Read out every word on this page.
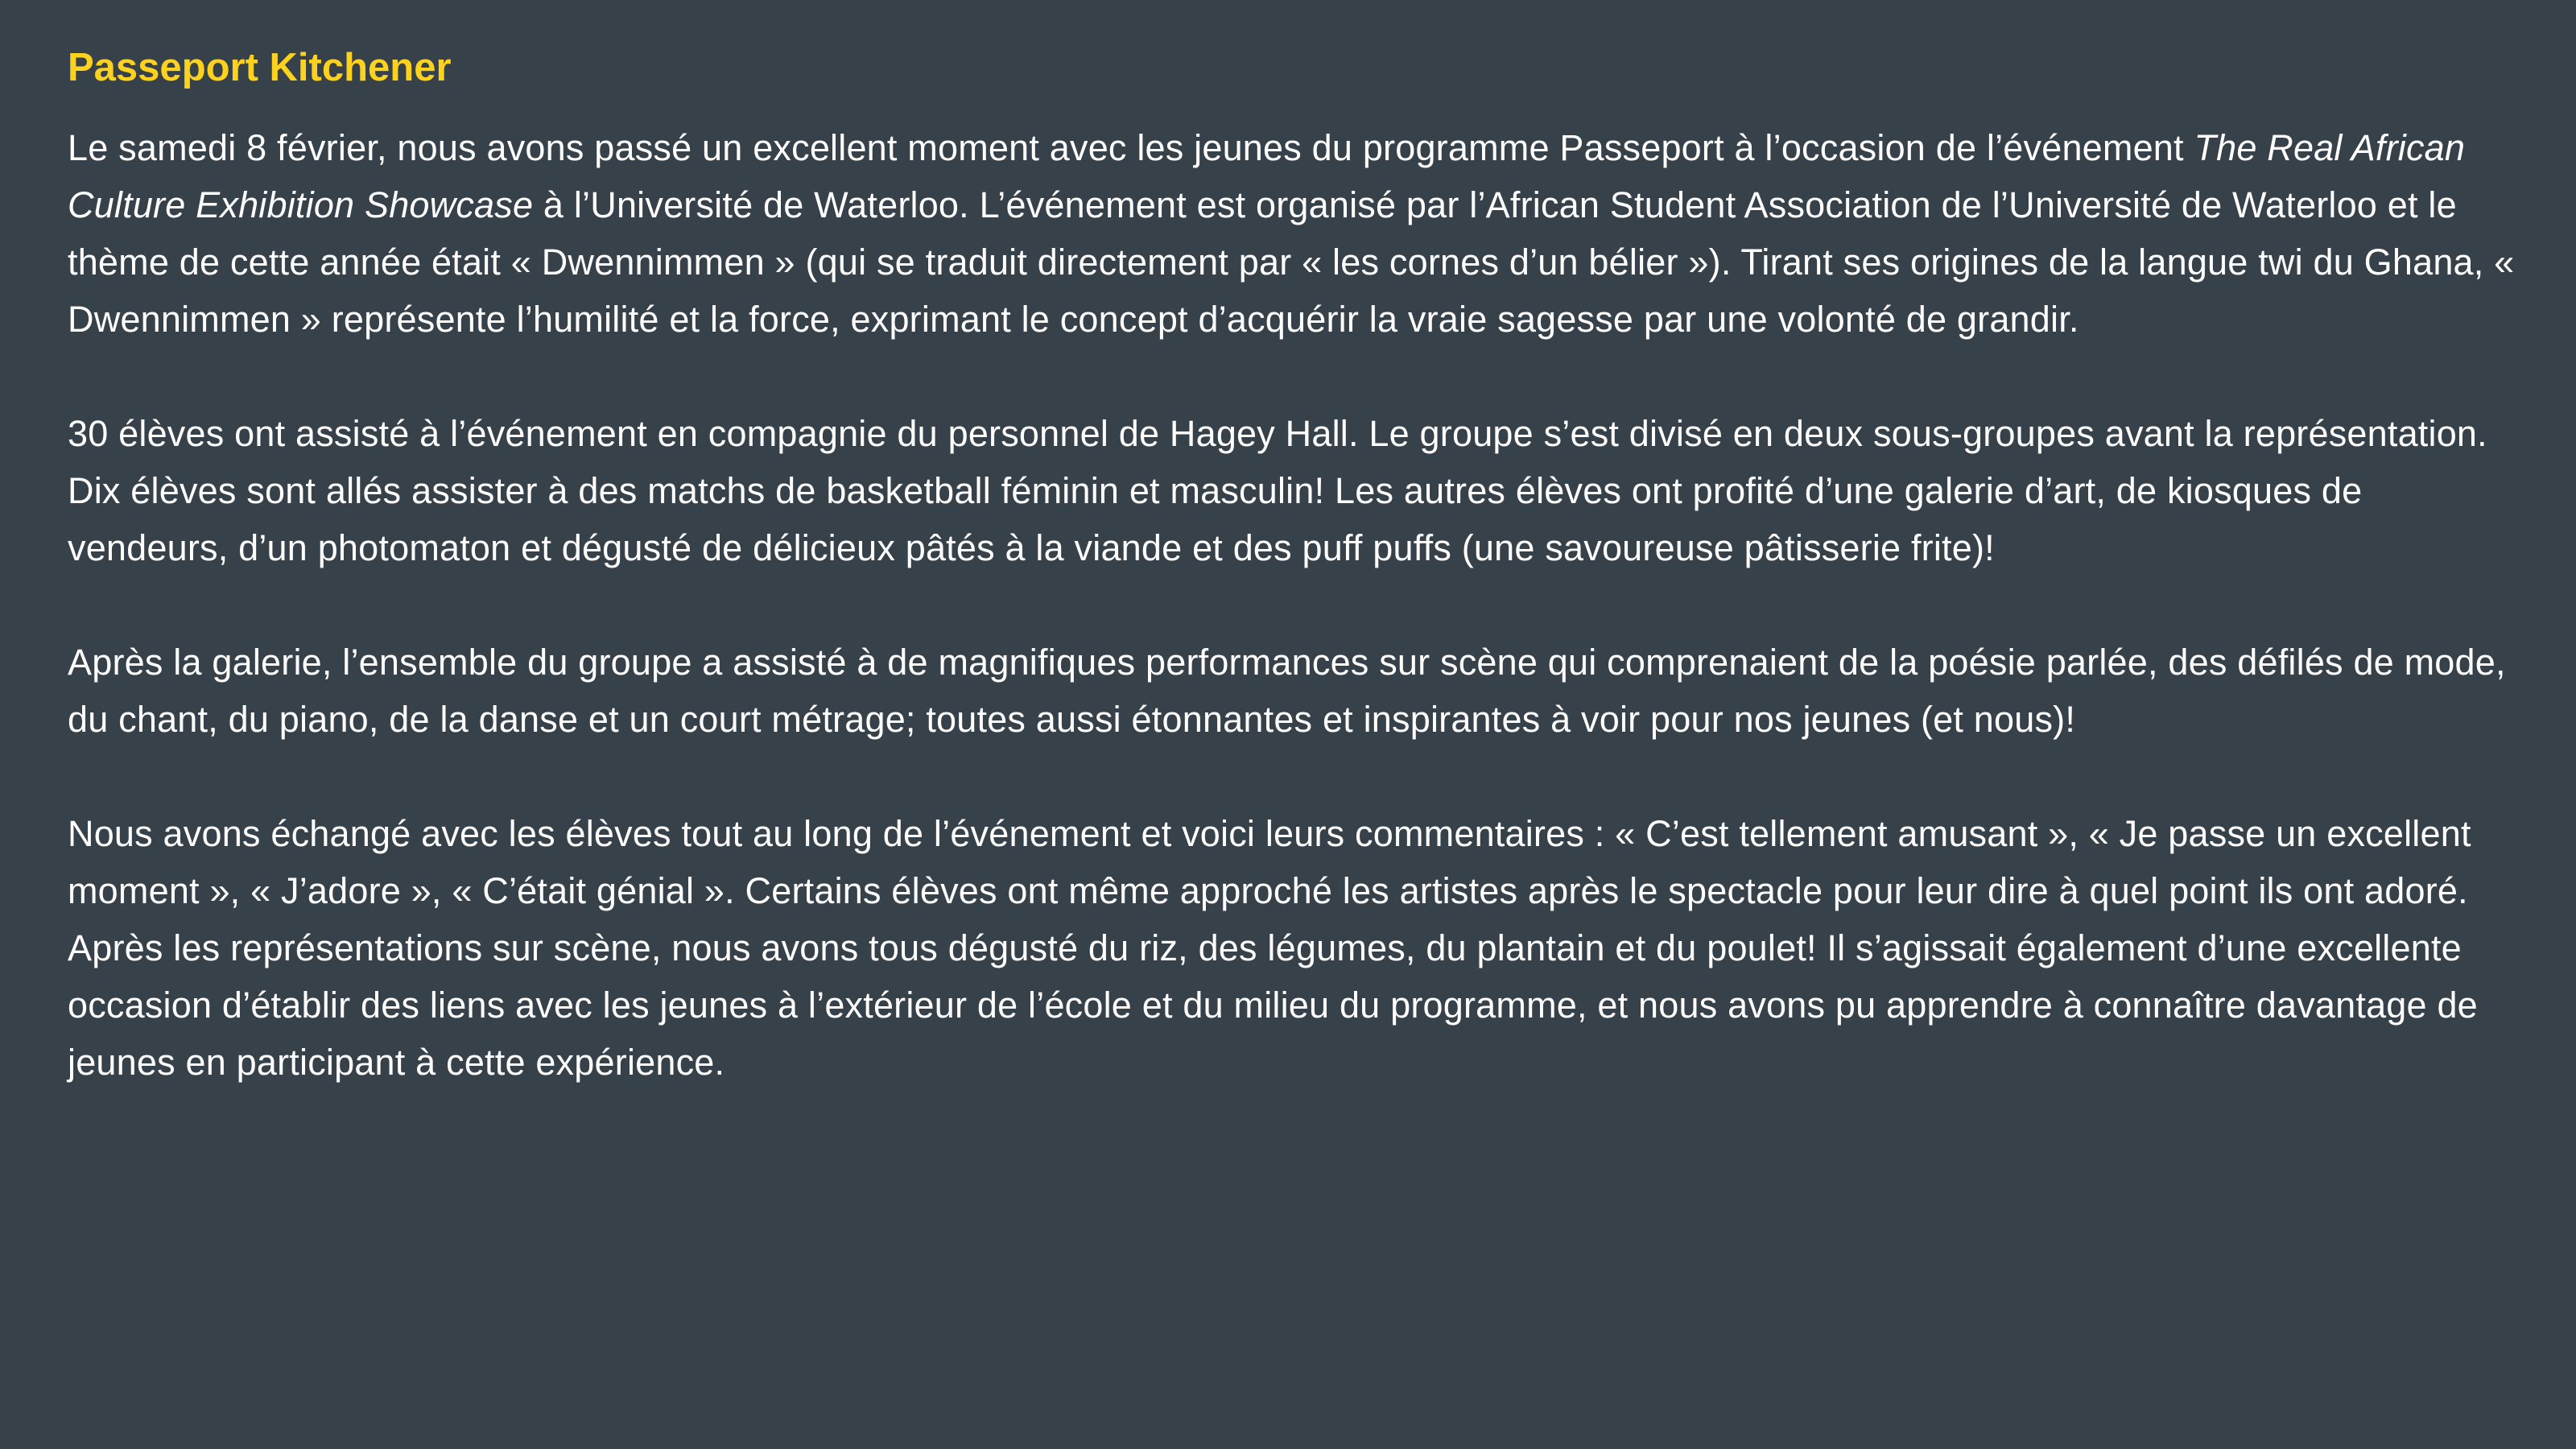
Passeport Kitchener

Le samedi 8 février, nous avons passé un excellent moment avec les jeunes du programme Passeport à l’occasion de l’événement The Real African Culture Exhibition Showcase à l’Université de Waterloo. L’événement est organisé par l’African Student Association de l’Université de Waterloo et le thème de cette année était « Dwennimmen » (qui se traduit directement par « les cornes d’un bélier »). Tirant ses origines de la langue twi du Ghana, « Dwennimmen » représente l’humilité et la force, exprimant le concept d’acquérir la vraie sagesse par une volonté de grandir.

30 élèves ont assisté à l’événement en compagnie du personnel de Hagey Hall. Le groupe s’est divisé en deux sous-groupes avant la représentation. Dix élèves sont allés assister à des matchs de basketball féminin et masculin! Les autres élèves ont profité d’une galerie d’art, de kiosques de vendeurs, d’un photomaton et dégusté de délicieux pâtés à la viande et des puff puffs (une savoureuse pâtisserie frite)!

Après la galerie, l’ensemble du groupe a assisté à de magnifiques performances sur scène qui comprenaient de la poésie parlée, des défilés de mode, du chant, du piano, de la danse et un court métrage; toutes aussi étonnantes et inspirantes à voir pour nos jeunes (et nous)!

Nous avons échangé avec les élèves tout au long de l’événement et voici leurs commentaires : « C’est tellement amusant », « Je passe un excellent moment », « J’adore », « C’était génial ». Certains élèves ont même approché les artistes après le spectacle pour leur dire à quel point ils ont adoré. Après les représentations sur scène, nous avons tous dégusté du riz, des légumes, du plantain et du poulet! Il s’agissait également d’une excellente occasion d’établir des liens avec les jeunes à l’extérieur de l’école et du milieu du programme, et nous avons pu apprendre à connaître davantage de jeunes en participant à cette expérience.
